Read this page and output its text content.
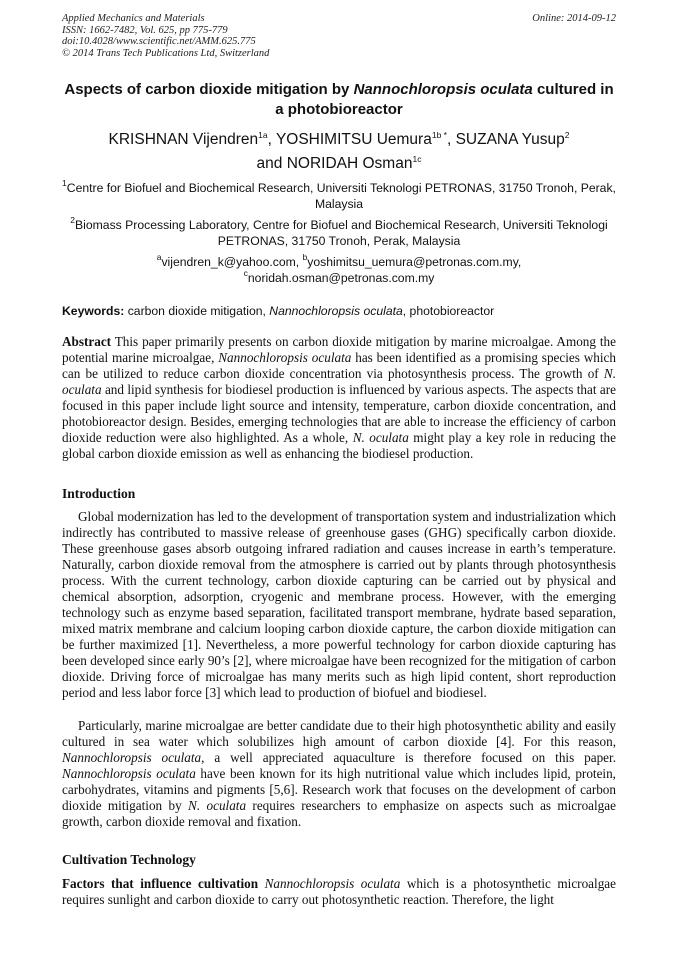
Applied Mechanics and Materials
ISSN: 1662-7482, Vol. 625, pp 775-779
doi:10.4028/www.scientific.net/AMM.625.775
© 2014 Trans Tech Publications Ltd, Switzerland
Online: 2014-09-12
Aspects of carbon dioxide mitigation by Nannochloropsis oculata cultured in a photobioreactor
KRISHNAN Vijendren$^{1a}$, YOSHIMITSU Uemura$^{1b *}$, SUZANA Yusup$^2$
and NORIDAH Osman$^{1c}$
$^1$Centre for Biofuel and Biochemical Research, Universiti Teknologi PETRONAS, 31750 Tronoh, Perak, Malaysia
$^2$Biomass Processing Laboratory, Centre for Biofuel and Biochemical Research, Universiti Teknologi PETRONAS, 31750 Tronoh, Perak, Malaysia
$^a$vijendren_k@yahoo.com, $^b$yoshimitsu_uemura@petronas.com.my,
$^c$noridah.osman@petronas.com.my
Keywords: carbon dioxide mitigation, Nannochloropsis oculata, photobioreactor
Abstract This paper primarily presents on carbon dioxide mitigation by marine microalgae. Among the potential marine microalgae, Nannochloropsis oculata has been identified as a promising species which can be utilized to reduce carbon dioxide concentration via photosynthesis process. The growth of N. oculata and lipid synthesis for biodiesel production is influenced by various aspects. The aspects that are focused in this paper include light source and intensity, temperature, carbon dioxide concentration, and photobioreactor design. Besides, emerging technologies that are able to increase the efficiency of carbon dioxide reduction were also highlighted. As a whole, N. oculata might play a key role in reducing the global carbon dioxide emission as well as enhancing the biodiesel production.
Introduction
Global modernization has led to the development of transportation system and industrialization which indirectly has contributed to massive release of greenhouse gases (GHG) specifically carbon dioxide. These greenhouse gases absorb outgoing infrared radiation and causes increase in earth’s temperature. Naturally, carbon dioxide removal from the atmosphere is carried out by plants through photosynthesis process. With the current technology, carbon dioxide capturing can be carried out by physical and chemical absorption, adsorption, cryogenic and membrane process. However, with the emerging technology such as enzyme based separation, facilitated transport membrane, hydrate based separation, mixed matrix membrane and calcium looping carbon dioxide capture, the carbon dioxide mitigation can be further maximized [1]. Nevertheless, a more powerful technology for carbon dioxide capturing has been developed since early 90’s [2], where microalgae have been recognized for the mitigation of carbon dioxide. Driving force of microalgae has many merits such as high lipid content, short reproduction period and less labor force [3] which lead to production of biofuel and biodiesel.
Particularly, marine microalgae are better candidate due to their high photosynthetic ability and easily cultured in sea water which solubilizes high amount of carbon dioxide [4]. For this reason, Nannochloropsis oculata, a well appreciated aquaculture is therefore focused on this paper. Nannochloropsis oculata have been known for its high nutritional value which includes lipid, protein, carbohydrates, vitamins and pigments [5,6]. Research work that focuses on the development of carbon dioxide mitigation by N. oculata requires researchers to emphasize on aspects such as microalgae growth, carbon dioxide removal and fixation.
Cultivation Technology
Factors that influence cultivation Nannochloropsis oculata which is a photosynthetic microalgae requires sunlight and carbon dioxide to carry out photosynthetic reaction. Therefore, the light
